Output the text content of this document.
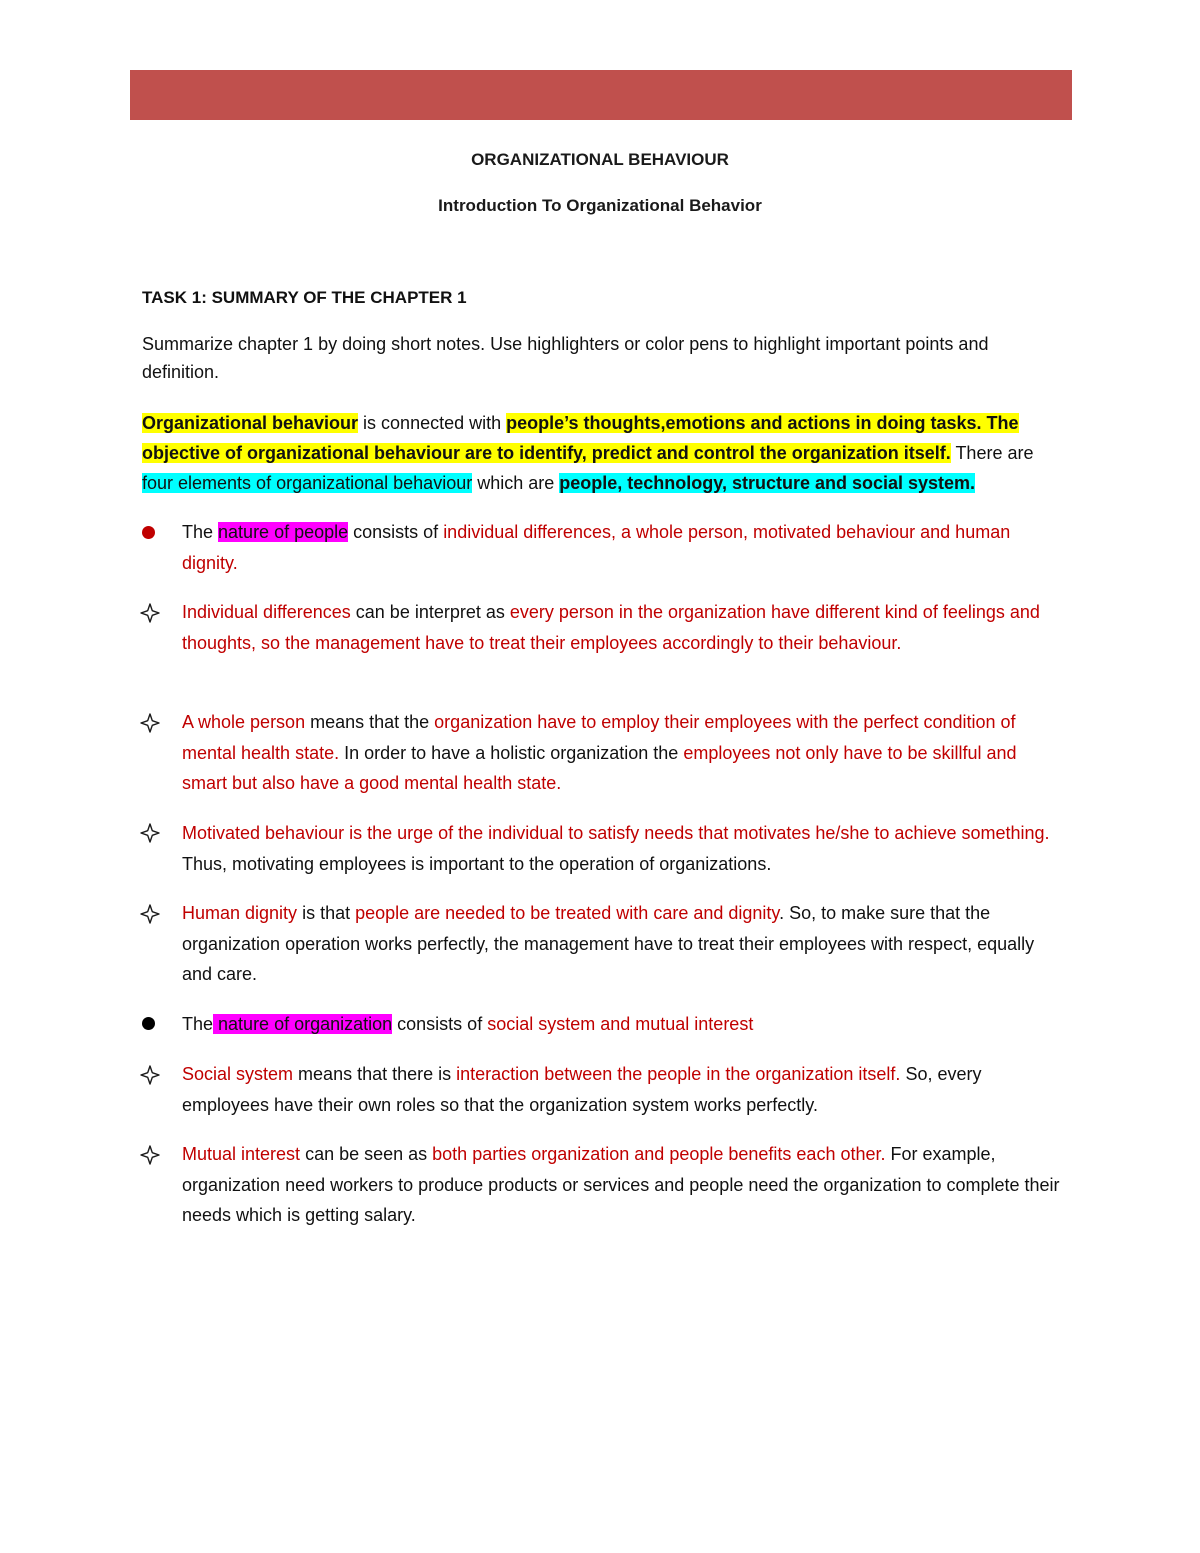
ORGANIZATIONAL BEHAVIOUR
Introduction To Organizational Behavior
TASK 1: SUMMARY OF THE CHAPTER 1
Summarize chapter 1 by doing short notes. Use highlighters or color pens to highlight important points and definition.
Organizational behaviour is connected with people’s thoughts,emotions and actions in doing tasks. The objective of organizational behaviour are to identify, predict and control the organization itself. There are four elements of organizational behaviour which are people, technology, structure and social system.
The nature of people consists of individual differences, a whole person, motivated behaviour and human dignity.
Individual differences can be interpret as every person in the organization have different kind of feelings and thoughts, so the management have to treat their employees accordingly to their behaviour.
A whole person means that the organization have to employ their employees with the perfect condition of mental health state. In order to have a holistic organization the employees not only have to be skillful and smart but also have a good mental health state.
Motivated behaviour is the urge of the individual to satisfy needs that motivates he/she to achieve something. Thus, motivating employees is important to the operation of organizations.
Human dignity is that people are needed to be treated with care and dignity. So, to make sure that the organization operation works perfectly, the management have to treat their employees with respect, equally and care.
The nature of organization consists of social system and mutual interest
Social system means that there is interaction between the people in the organization itself. So, every employees have their own roles so that the organization system works perfectly.
Mutual interest can be seen as both parties organization and people benefits each other. For example, organization need workers to produce products or services and people need the organization to complete their needs which is getting salary.
